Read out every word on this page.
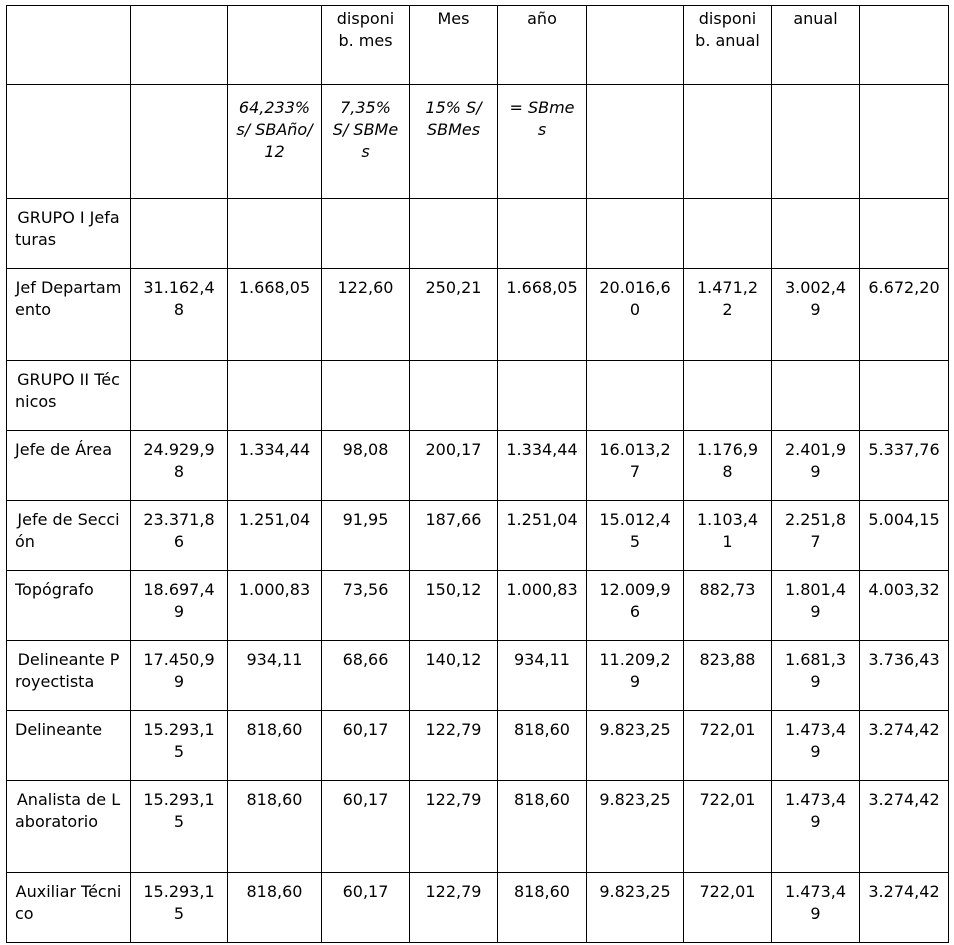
			disponib. mes	Mes	año		disponib. anual	anual	
		64,233% s/ SBAño/ 12	7,35% S/ SBMes	15% S/ SBMes	= SBmes				
GRUPO I Jefaturas									
Jef Departamento	31.162,48	1.668,05	122,60	250,21	1.668,05	20.016,60	1.471,22	3.002,49	6.672,20
GRUPO II Técnicos									
Jefe de Área	24.929,98	1.334,44	98,08	200,17	1.334,44	16.013,27	1.176,98	2.401,99	5.337,76
Jefe de Sección	23.371,86	1.251,04	91,95	187,66	1.251,04	15.012,45	1.103,41	2.251,87	5.004,15
Topógrafo	18.697,49	1.000,83	73,56	150,12	1.000,83	12.009,96	882,73	1.801,49	4.003,32
Delineante Proyectista	17.450,99	934,11	68,66	140,12	934,11	11.209,29	823,88	1.681,39	3.736,43
Delineante	15.293,15	818,60	60,17	122,79	818,60	9.823,25	722,01	1.473,49	3.274,42
Analista de Laboratorio	15.293,15	818,60	60,17	122,79	818,60	9.823,25	722,01	1.473,49	3.274,42
Auxiliar Técnico	15.293,15	818,60	60,17	122,79	818,60	9.823,25	722,01	1.473,49	3.274,42
